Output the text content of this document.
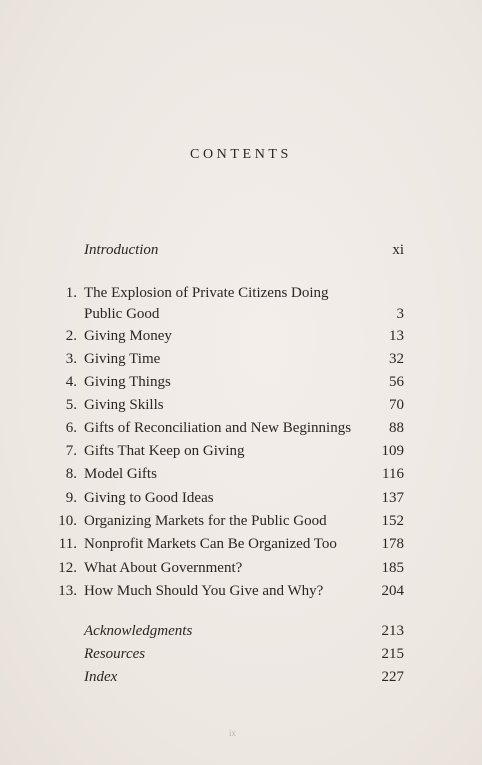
CONTENTS
Introduction	xi
1. The Explosion of Private Citizens Doing
Public Good	3
2. Giving Money	13
3. Giving Time	32
4. Giving Things	56
5. Giving Skills	70
6. Gifts of Reconciliation and New Beginnings	88
7. Gifts That Keep on Giving	109
8. Model Gifts	116
9. Giving to Good Ideas	137
10. Organizing Markets for the Public Good	152
11. Nonprofit Markets Can Be Organized Too	178
12. What About Government?	185
13. How Much Should You Give and Why?	204
Acknowledgments	213
Resources	215
Index	227
ix
